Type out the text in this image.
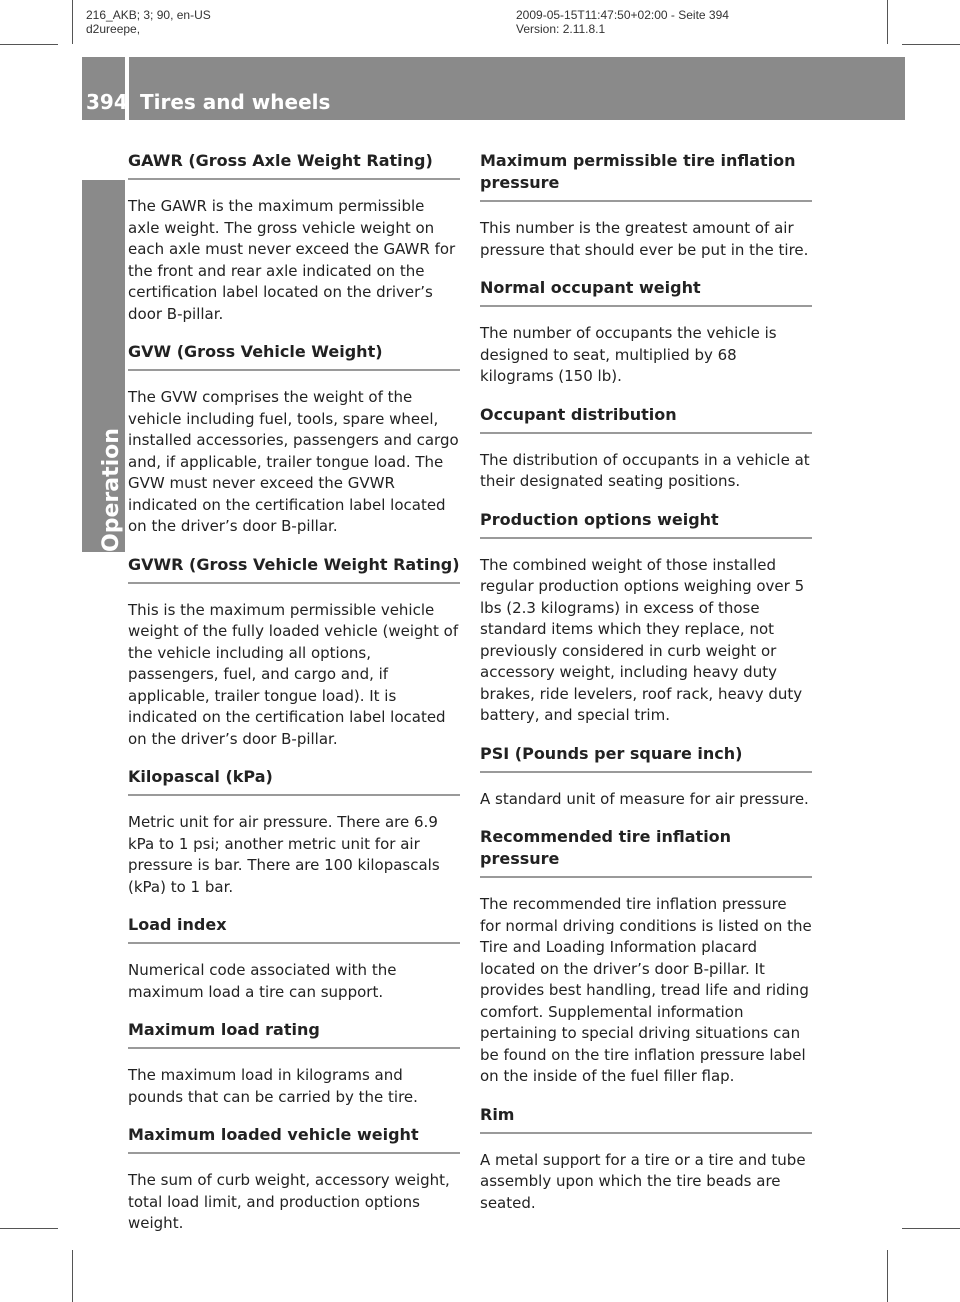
216_AKB; 3; 90, en-US
d2ureepe,
2009-05-15T11:47:50+02:00 - Seite 394
Version: 2.11.8.1
394 Tires and wheels
Operation
GAWR (Gross Axle Weight Rating)

The GAWR is the maximum permissible axle weight. The gross vehicle weight on each axle must never exceed the GAWR for the front and rear axle indicated on the certification label located on the driver’s door B-pillar.

GVW (Gross Vehicle Weight)

The GVW comprises the weight of the vehicle including fuel, tools, spare wheel, installed accessories, passengers and cargo and, if applicable, trailer tongue load. The GVW must never exceed the GVWR indicated on the certification label located on the driver’s door B-pillar.

GVWR (Gross Vehicle Weight Rating)

This is the maximum permissible vehicle weight of the fully loaded vehicle (weight of the vehicle including all options, passengers, fuel, and cargo and, if applicable, trailer tongue load). It is indicated on the certification label located on the driver’s door B-pillar.

Kilopascal (kPa)

Metric unit for air pressure. There are 6.9 kPa to 1 psi; another metric unit for air pressure is bar. There are 100 kilopascals (kPa) to 1 bar.

Load index

Numerical code associated with the maximum load a tire can support.

Maximum load rating

The maximum load in kilograms and pounds that can be carried by the tire.

Maximum loaded vehicle weight

The sum of curb weight, accessory weight, total load limit, and production options weight.

Maximum permissible tire inflation pressure

This number is the greatest amount of air pressure that should ever be put in the tire.

Normal occupant weight

The number of occupants the vehicle is designed to seat, multiplied by 68 kilograms (150 lb).

Occupant distribution

The distribution of occupants in a vehicle at their designated seating positions.

Production options weight

The combined weight of those installed regular production options weighing over 5 lbs (2.3 kilograms) in excess of those standard items which they replace, not previously considered in curb weight or accessory weight, including heavy duty brakes, ride levelers, roof rack, heavy duty battery, and special trim.

PSI (Pounds per square inch)

A standard unit of measure for air pressure.

Recommended tire inflation pressure

The recommended tire inflation pressure for normal driving conditions is listed on the Tire and Loading Information placard located on the driver’s door B-pillar. It provides best handling, tread life and riding comfort. Supplemental information pertaining to special driving situations can be found on the tire inflation pressure label on the inside of the fuel filler flap.

Rim

A metal support for a tire or a tire and tube assembly upon which the tire beads are seated.
